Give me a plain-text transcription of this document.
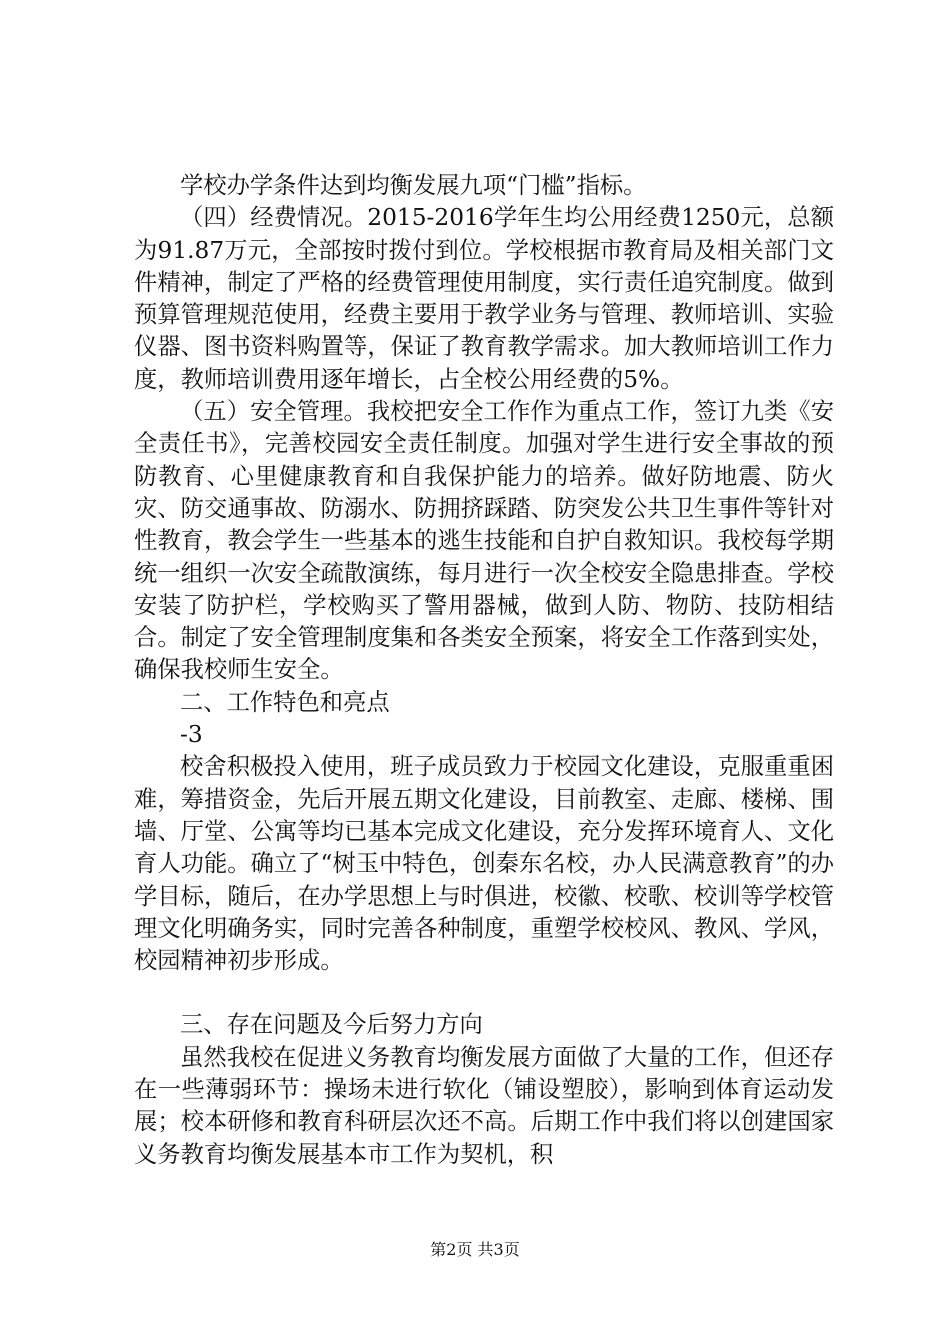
学校办学条件达到均衡发展九项“门槛”指标。

（四）经费情况。2015-2016学年生均公用经费1250元，总额为91.87万元，全部按时拨付到位。学校根据市教育局及相关部门文件精神，制定了严格的经费管理使用制度，实行责任追究制度。做到预算管理规范使用，经费主要用于教学业务与管理、教师培训、实验仪器、图书资料购置等，保证了教育教学需求。加大教师培训工作力度，教师培训费用逐年增长，占全校公用经费的5%。

（五）安全管理。我校把安全工作作为重点工作，签订九类《安全责任书》，完善校园安全责任制度。加强对学生进行安全事故的预防教育、心里健康教育和自我保护能力的培养。做好防地震、防火灾、防交通事故、防溺水、防拥挤踩踏、防突发公共卫生事件等针对性教育，教会学生一些基本的逃生技能和自护自救知识。我校每学期统一组织一次安全疏散演练，每月进行一次全校安全隐患排查。学校安装了防护栏，学校购买了警用器械，做到人防、物防、技防相结合。制定了安全管理制度集和各类安全预案，将安全工作落到实处，确保我校师生安全。

二、工作特色和亮点

-3

校舍积极投入使用，班子成员致力于校园文化建设，克服重重困难，筹措资金，先后开展五期文化建设，目前教室、走廊、楼梯、围墙、厅堂、公寓等均已基本完成文化建设，充分发挥环境育人、文化育人功能。确立了“树玉中特色，创秦东名校，办人民满意教育”的办学目标，随后，在办学思想上与时俱进，校徽、校歌、校训等学校管理文化明确务实，同时完善各种制度，重塑学校校风、教风、学风，校园精神初步形成。

三、存在问题及今后努力方向

虽然我校在促进义务教育均衡发展方面做了大量的工作，但还存在一些薄弱环节：操场未进行软化（铺设塑胶），影响到体育运动发展；校本研修和教育科研层次还不高。后期工作中我们将以创建国家义务教育均衡发展基本市工作为契机，积

第2页 共3页
